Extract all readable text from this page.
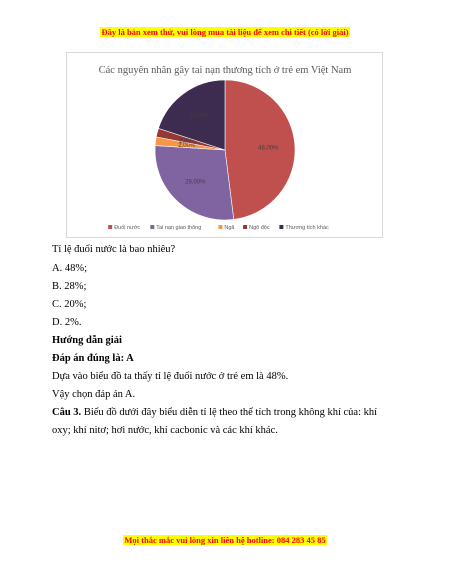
Đây là bản xem thử, vui lòng mua tài liệu để xem chi tiết (có lời giải)
Các nguyên nhân gây tai nạn thương tích ở trẻ em Việt Nam
48,00%
28,00%
2,00%
2,00%
20,00%
Đuối nước	Tai nạn giao thông	Ngã	Ngộ độc	Thương tích khác
Tỉ lệ đuối nước là bao nhiêu?
A. 48%;
B. 28%;
C. 20%;
D. 2%.
Hướng dẫn giải
Đáp án đúng là: A
Dựa vào biểu đồ ta thấy tỉ lệ đuối nước ở trẻ em là 48%.
Vậy chọn đáp án A.
Câu 3. Biểu đồ dưới đây biểu diễn tỉ lệ theo thể tích trong không khí của: khí
oxy; khí nitơ; hơi nước, khí cacbonic và các khí khác.
Mọi thắc mắc vui lòng xin liên hệ hotline: 084 283 45 85
